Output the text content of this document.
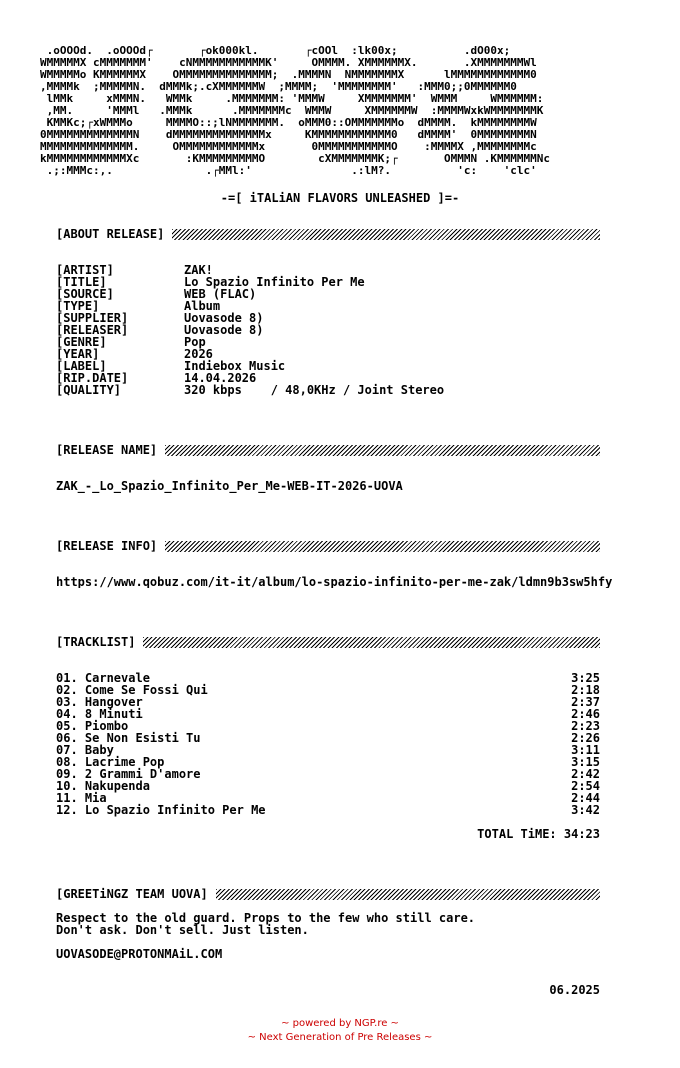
.oOOOd.  .oOOOd┌       ┌ok000kl.       ┌cOOl  :lk00x;          .dO00x;
WMMMMMX cMMMMMMM'    cNMMMMMMMMMMMK'     OMMMM. XMMMMMMX.       .XMMMMMMMWl
WMMMMMo KMMMMMMX    OMMMMMMMMMMMMMM;  .MMMMN  NMMMMMMMX      lMMMMMMMMMMMM0
,MMMMk  ;MMMMMN.  dMMMk;.cXMMMMMMW  ;MMMM;  'MMMMMMMM'   :MMM0;;0MMMMMM0
lMMk     xMMMN.   WMMk     .MMMMMMM: 'MMMW     XMMMMMMM'  WMMM     WMMMMMM:
,MM.     'MMMl   .MMMk      .MMMMMMMc  WMMW     XMMMMMMW  :MMMMWxkWMMMMMMMK
KMMKc;┌xWMMMo     MMMMO::;lNMMMMMMM.  oMMM0::OMMMMMMMo  dMMMM.  kMMMMMMMMW
0MMMMMMMMMMMMMN    dMMMMMMMMMMMMMMx     KMMMMMMMMMMMM0   dMMMM'  0MMMMMMMMN
MMMMMMMMMMMMMM.     OMMMMMMMMMMMMx       0MMMMMMMMMMMO    :MMMMX ,MMMMMMMMc
kMMMMMMMMMMMMXc       :KMMMMMMMMMO        cXMMMMMMMK;┌       OMMMN .KMMMMMMNc
.;:MMMc:,.              .┌MMl:'               .:lM?.          'c:    'clc'
-=[ iTALiAN FLAVORS UNLEASHED ]=-
[ABOUT RELEASE]
[ARTIST]	ZAK!
[TITLE]	Lo Spazio Infinito Per Me
[SOURCE]	WEB (FLAC)
[TYPE]	Album
[SUPPLIER]	Uovasode 8)
[RELEASER]	Uovasode 8)
[GENRE]	Pop
[YEAR]	2026
[LABEL]	Indiebox Music
[RIP.DATE]	14.04.2026
[QUALITY]	320 kbps    / 48,0KHz / Joint Stereo
[RELEASE NAME]
ZAK_-_Lo_Spazio_Infinito_Per_Me-WEB-IT-2026-UOVA
[RELEASE INFO]
https://www.qobuz.com/it-it/album/lo-spazio-infinito-per-me-zak/ldmn9b3sw5hfy
[TRACKLIST]
01. Carnevale	3:25
02. Come Se Fossi Qui	2:18
03. Hangover	2:37
04. 8 Minuti	2:46
05. Piombo	2:23
06. Se Non Esisti Tu	2:26
07. Baby	3:11
08. Lacrime Pop	3:15
09. 2 Grammi D'amore	2:42
10. Nakupenda	2:54
11. Mia	2:44
12. Lo Spazio Infinito Per Me	3:42
TOTAL TiME: 34:23
[GREETiNGZ TEAM UOVA]
Respect to the old guard. Props to the few who still care.
Don't ask. Don't sell. Just listen.
UOVASODE@PROTONMAiL.COM
06.2025
~ powered by NGP.re ~
~ Next Generation of Pre Releases ~
